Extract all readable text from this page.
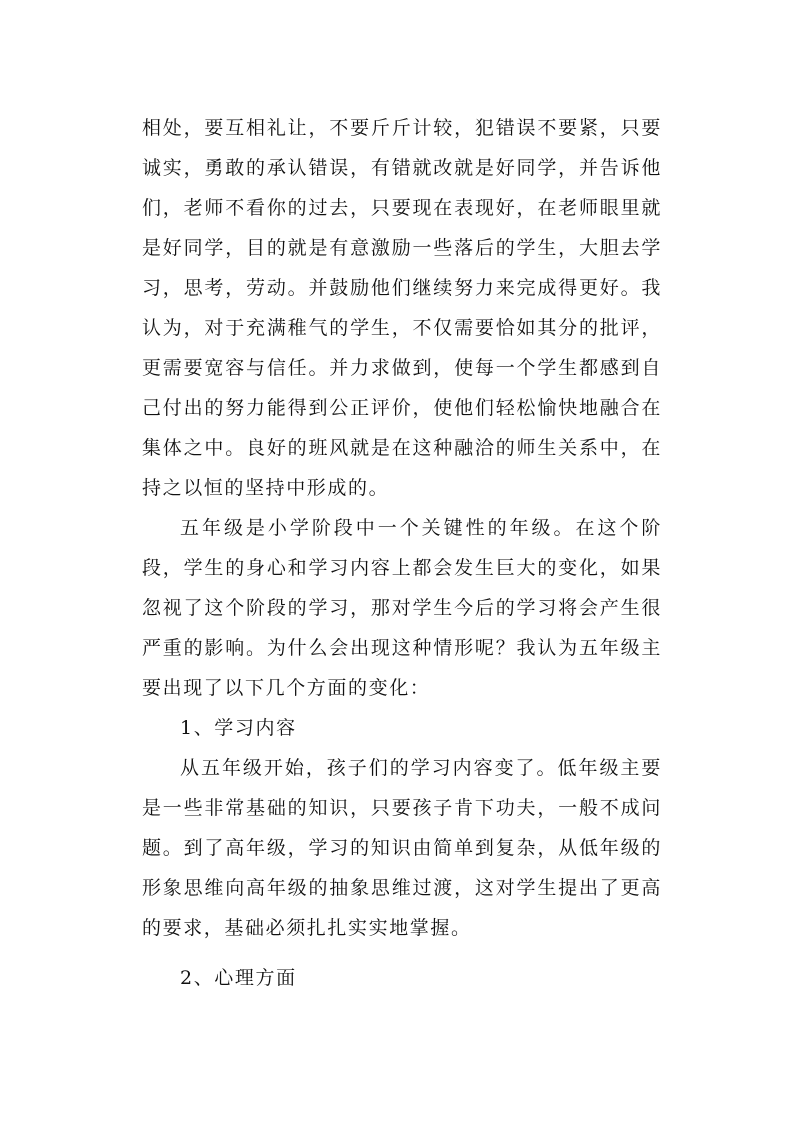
相处，要互相礼让，不要斤斤计较，犯错误不要紧，只要诚实，勇敢的承认错误，有错就改就是好同学，并告诉他们，老师不看你的过去，只要现在表现好，在老师眼里就是好同学，目的就是有意激励一些落后的学生，大胆去学习，思考，劳动。并鼓励他们继续努力来完成得更好。我认为，对于充满稚气的学生，不仅需要恰如其分的批评，更需要宽容与信任。并力求做到，使每一个学生都感到自己付出的努力能得到公正评价，使他们轻松愉快地融合在集体之中。良好的班风就是在这种融洽的师生关系中，在持之以恒的坚持中形成的。

五年级是小学阶段中一个关键性的年级。在这个阶段，学生的身心和学习内容上都会发生巨大的变化，如果忽视了这个阶段的学习，那对学生今后的学习将会产生很严重的影响。为什么会出现这种情形呢？我认为五年级主要出现了以下几个方面的变化：

1、学习内容

从五年级开始，孩子们的学习内容变了。低年级主要是一些非常基础的知识，只要孩子肯下功夫，一般不成问题。到了高年级，学习的知识由简单到复杂，从低年级的形象思维向高年级的抽象思维过渡，这对学生提出了更高的要求，基础必须扎扎实实地掌握。

2、心理方面
